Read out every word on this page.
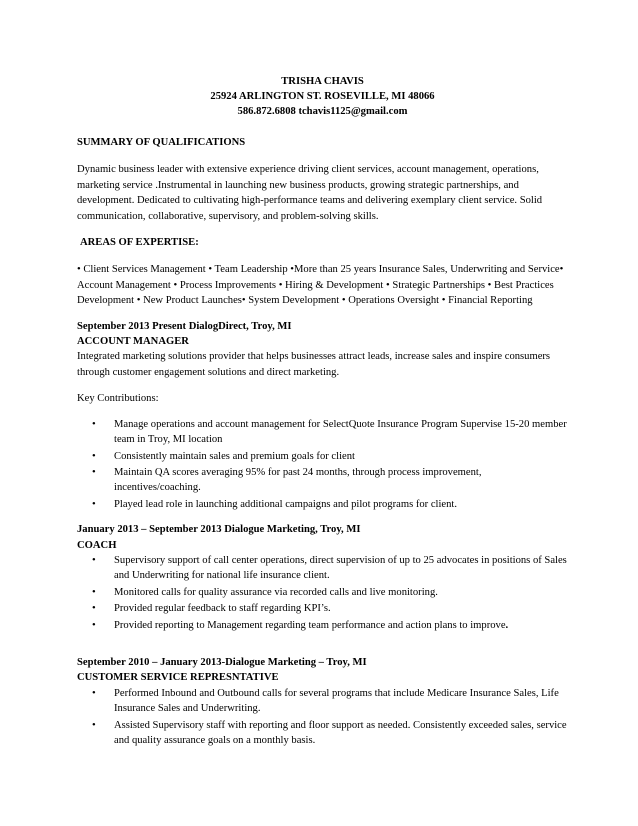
TRISHA CHAVIS
25924 ARLINGTON ST. ROSEVILLE, MI 48066
586.872.6808 tchavis1125@gmail.com
SUMMARY OF QUALIFICATIONS

Dynamic business leader with extensive experience driving client services, account management, operations, marketing service .Instrumental in launching new business products, growing strategic partnerships, and development. Dedicated to cultivating high-performance teams and delivering exemplary client service. Solid communication, collaborative, supervisory, and problem-solving skills.

AREAS OF EXPERTISE:

• Client Services Management • Team Leadership •More than 25 years Insurance Sales, Underwriting and Service• Account Management • Process Improvements • Hiring & Development • Strategic Partnerships • Best Practices Development • New Product Launches• System Development • Operations Oversight • Financial Reporting

September 2013 Present DialogDirect, Troy, MI
ACCOUNT MANAGER

Integrated marketing solutions provider that helps businesses attract leads, increase sales and inspire consumers through customer engagement solutions and direct marketing.

Key Contributions:

• Manage operations and account management for SelectQuote Insurance Program Supervise 15-20 member team in Troy, MI location
• Consistently maintain sales and premium goals for client
• Maintain QA scores averaging 95% for past 24 months, through process improvement, incentives/coaching.
• Played lead role in launching additional campaigns and pilot programs for client.
January 2013 – September 2013 Dialogue Marketing, Troy, MI
COACH
• Supervisory support of call center operations, direct supervision of up to 25 advocates in positions of Sales and Underwriting for national life insurance client.
• Monitored calls for quality assurance via recorded calls and live monitoring.
• Provided regular feedback to staff regarding KPI’s.
• Provided reporting to Management regarding team performance and action plans to improve.
September 2010 – January 2013-Dialogue Marketing – Troy, MI
CUSTOMER SERVICE REPRESNTATIVE
• Performed Inbound and Outbound calls for several programs that include Medicare Insurance Sales, Life Insurance Sales and Underwriting.
• Assisted Supervisory staff with reporting and floor support as needed. Consistently exceeded sales, service and quality assurance goals on a monthly basis.
